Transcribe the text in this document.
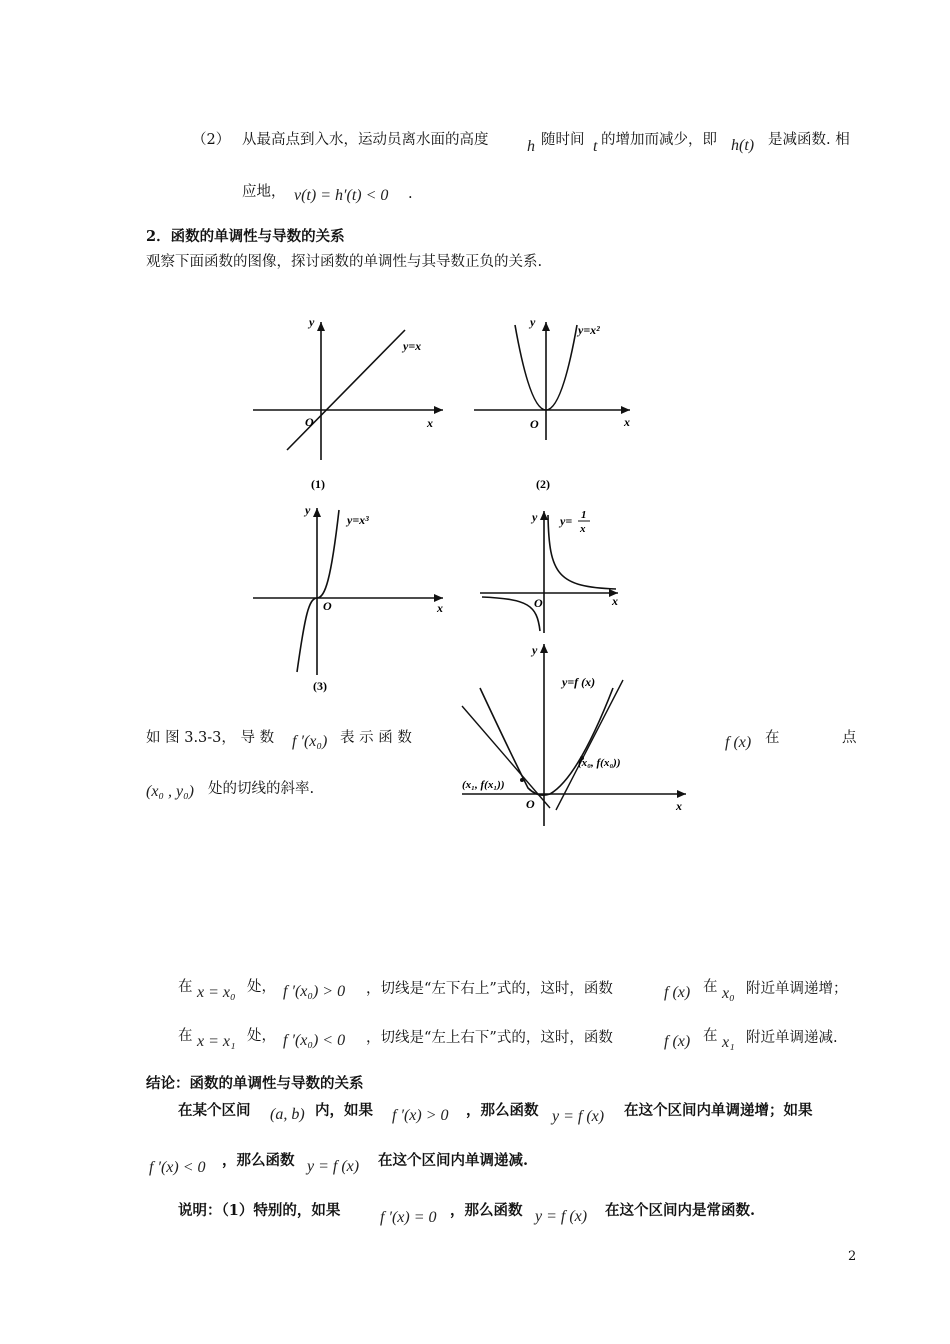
（2） 从最高点到入水，运动员离水面的高度 h 随时间 t 的增加而减少，即 h(t) 是减函数. 相
应地， v(t) = h′(t) < 0 .
2．函数的单调性与导数的关系
观察下面函数的图像，探讨函数的单调性与其导数正负的关系.
y
x
O
y=x
(1)
y
x
O
y=x²
(2)
y
x
O
y=x³
(3)
y
x
O
y= 1
x
y
x
O
y=f (x)
(x₀, f(x₀))
(x₁, f(x₁))
如 图 3.3-3， 导 数 f ′(x₀) 表 示 函 数	f (x) 在	点
(x₀ , y₀) 处的切线的斜率.
在 x = x₀ 处， f ′(x₀) > 0 ，切线是“左下右上”式的，这时，函数	f (x) 在 x₀ 附近单调递增；
在 x = x₁ 处， f ′(x₀) < 0 ，切线是“左上右下”式的，这时，函数	f (x) 在 x₁ 附近单调递减.
结论：函数的单调性与导数的关系
在某个区间 (a, b) 内，如果 f ′(x) > 0 ，那么函数 y = f (x) 在这个区间内单调递增；如果
f ′(x) < 0 ，那么函数 y = f (x) 在这个区间内单调递减.
说明：（1）特别的，如果 f ′(x) = 0 ，那么函数 y = f (x) 在这个区间内是常函数.
2
